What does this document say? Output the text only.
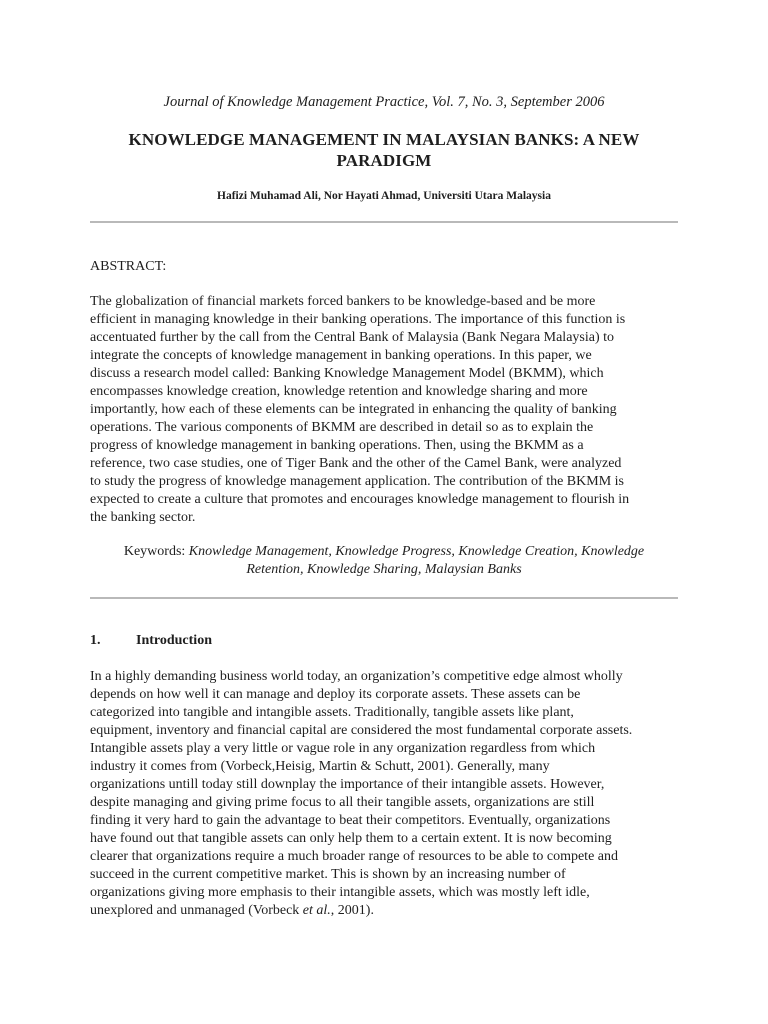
Journal of Knowledge Management Practice, Vol. 7, No. 3, September 2006
KNOWLEDGE MANAGEMENT IN MALAYSIAN BANKS: A NEW
PARADIGM
Hafizi Muhamad Ali, Nor Hayati Ahmad, Universiti Utara Malaysia
ABSTRACT:
The globalization of financial markets forced bankers to be knowledge-based and be more
efficient in managing knowledge in their banking operations. The importance of this function is
accentuated further by the call from the Central Bank of Malaysia (Bank Negara Malaysia) to
integrate the concepts of knowledge management in banking operations. In this paper, we
discuss a research model called: Banking Knowledge Management Model (BKMM), which
encompasses knowledge creation, knowledge retention and knowledge sharing and more
importantly, how each of these elements can be integrated in enhancing the quality of banking
operations. The various components of BKMM are described in detail so as to explain the
progress of knowledge management in banking operations. Then, using the BKMM as a
reference, two case studies, one of Tiger Bank and the other of the Camel Bank, were analyzed
to study the progress of knowledge management application. The contribution of the BKMM is
expected to create a culture that promotes and encourages knowledge management to flourish in
the banking sector.
Keywords: Knowledge Management, Knowledge Progress, Knowledge Creation, Knowledge
Retention, Knowledge Sharing, Malaysian Banks
1.	Introduction
In a highly demanding business world today, an organization’s competitive edge almost wholly
depends on how well it can manage and deploy its corporate assets. These assets can be
categorized into tangible and intangible assets. Traditionally, tangible assets like plant,
equipment, inventory and financial capital are considered the most fundamental corporate assets.
Intangible assets play a very little or vague role in any organization regardless from which
industry it comes from (Vorbeck,Heisig, Martin & Schutt, 2001). Generally, many
organizations untill today still downplay the importance of their intangible assets. However,
despite managing and giving prime focus to all their tangible assets, organizations are still
finding it very hard to gain the advantage to beat their competitors. Eventually, organizations
have found out that tangible assets can only help them to a certain extent. It is now becoming
clearer that organizations require a much broader range of resources to be able to compete and
succeed in the current competitive market. This is shown by an increasing number of
organizations giving more emphasis to their intangible assets, which was mostly left idle,
unexplored and unmanaged (Vorbeck et al., 2001).
